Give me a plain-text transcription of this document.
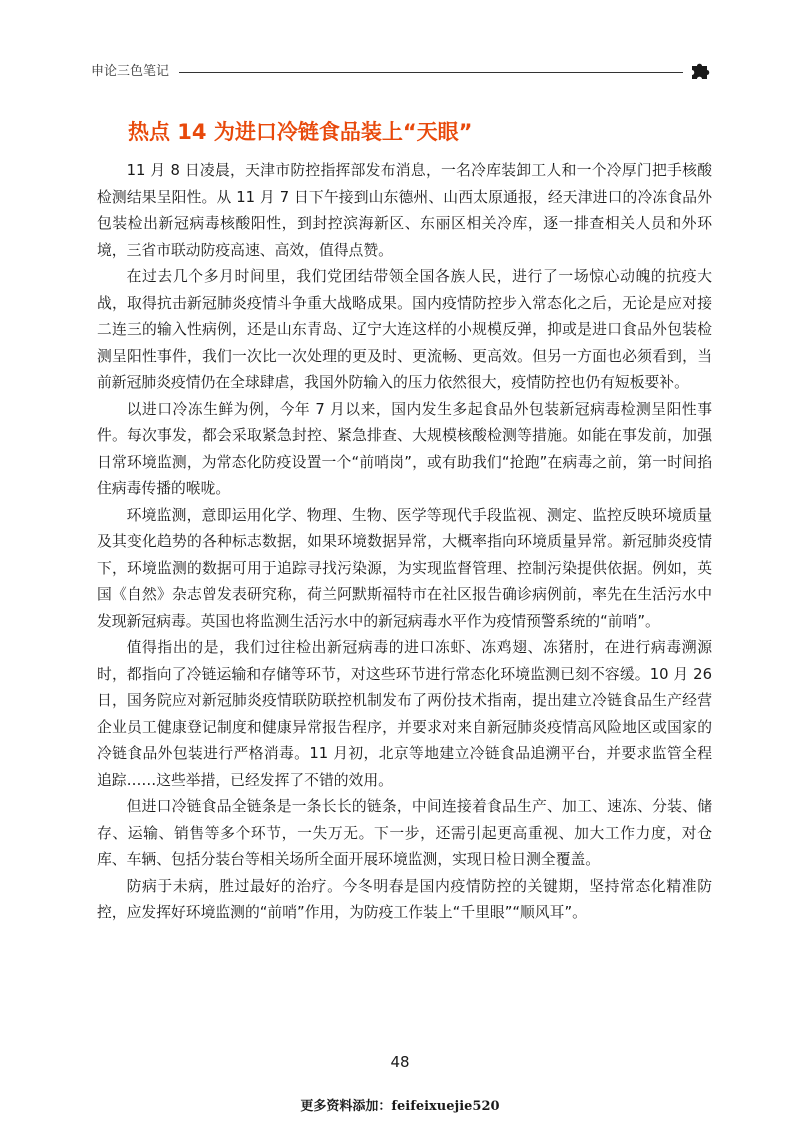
申论三色笔记
热点 14 为进口冷链食品装上“天眼”

11 月 8 日凌晨，天津市防控指挥部发布消息，一名冷库装卸工人和一个冷厚门把手核酸检测结果呈阳性。从 11 月 7 日下午接到山东德州、山西太原通报，经天津进口的冷冻食品外包装检出新冠病毒核酸阳性，到封控滨海新区、东丽区相关冷库，逐一排查相关人员和外环境，三省市联动防疫高速、高效，值得点赞。

在过去几个多月时间里，我们党团结带领全国各族人民，进行了一场惊心动魄的抗疫大战，取得抗击新冠肺炎疫情斗争重大战略成果。国内疫情防控步入常态化之后，无论是应对接二连三的输入性病例，还是山东青岛、辽宁大连这样的小规模反弹，抑或是进口食品外包装检测呈阳性事件，我们一次比一次处理的更及时、更流畅、更高效。但另一方面也必须看到，当前新冠肺炎疫情仍在全球肆虐，我国外防输入的压力依然很大，疫情防控也仍有短板要补。

以进口冷冻生鲜为例，今年 7 月以来，国内发生多起食品外包装新冠病毒检测呈阳性事件。每次事发，都会采取紧急封控、紧急排查、大规模核酸检测等措施。如能在事发前，加强日常环境监测，为常态化防疫设置一个“前哨岗”，或有助我们“抢跑”在病毒之前，第一时间掐住病毒传播的喉咙。

环境监测，意即运用化学、物理、生物、医学等现代手段监视、测定、监控反映环境质量及其变化趋势的各种标志数据，如果环境数据异常，大概率指向环境质量异常。新冠肺炎疫情下，环境监测的数据可用于追踪寻找污染源，为实现监督管理、控制污染提供依据。例如，英国《自然》杂志曾发表研究称，荷兰阿默斯福特市在社区报告确诊病例前，率先在生活污水中发现新冠病毒。英国也将监测生活污水中的新冠病毒水平作为疫情预警系统的“前哨”。

值得指出的是，我们过往检出新冠病毒的进口冻虾、冻鸡翅、冻猪肘，在进行病毒溯源时，都指向了冷链运输和存储等环节，对这些环节进行常态化环境监测已刻不容缓。10 月 26 日，国务院应对新冠肺炎疫情联防联控机制发布了两份技术指南，提出建立冷链食品生产经营企业员工健康登记制度和健康异常报告程序，并要求对来自新冠肺炎疫情高风险地区或国家的冷链食品外包装进行严格消毒。11 月初，北京等地建立冷链食品追溯平台，并要求监管全程追踪……这些举措，已经发挥了不错的效用。

但进口冷链食品全链条是一条长长的链条，中间连接着食品生产、加工、速冻、分装、储存、运输、销售等多个环节，一失万无。下一步，还需引起更高重视、加大工作力度，对仓库、车辆、包括分装台等相关场所全面开展环境监测，实现日检日测全覆盖。

防病于未病，胜过最好的治疗。今冬明春是国内疫情防控的关键期，坚持常态化精准防控，应发挥好环境监测的“前哨”作用，为防疫工作装上“千里眼”“顺风耳”。

48
更多资料添加：feifeixuejie520
